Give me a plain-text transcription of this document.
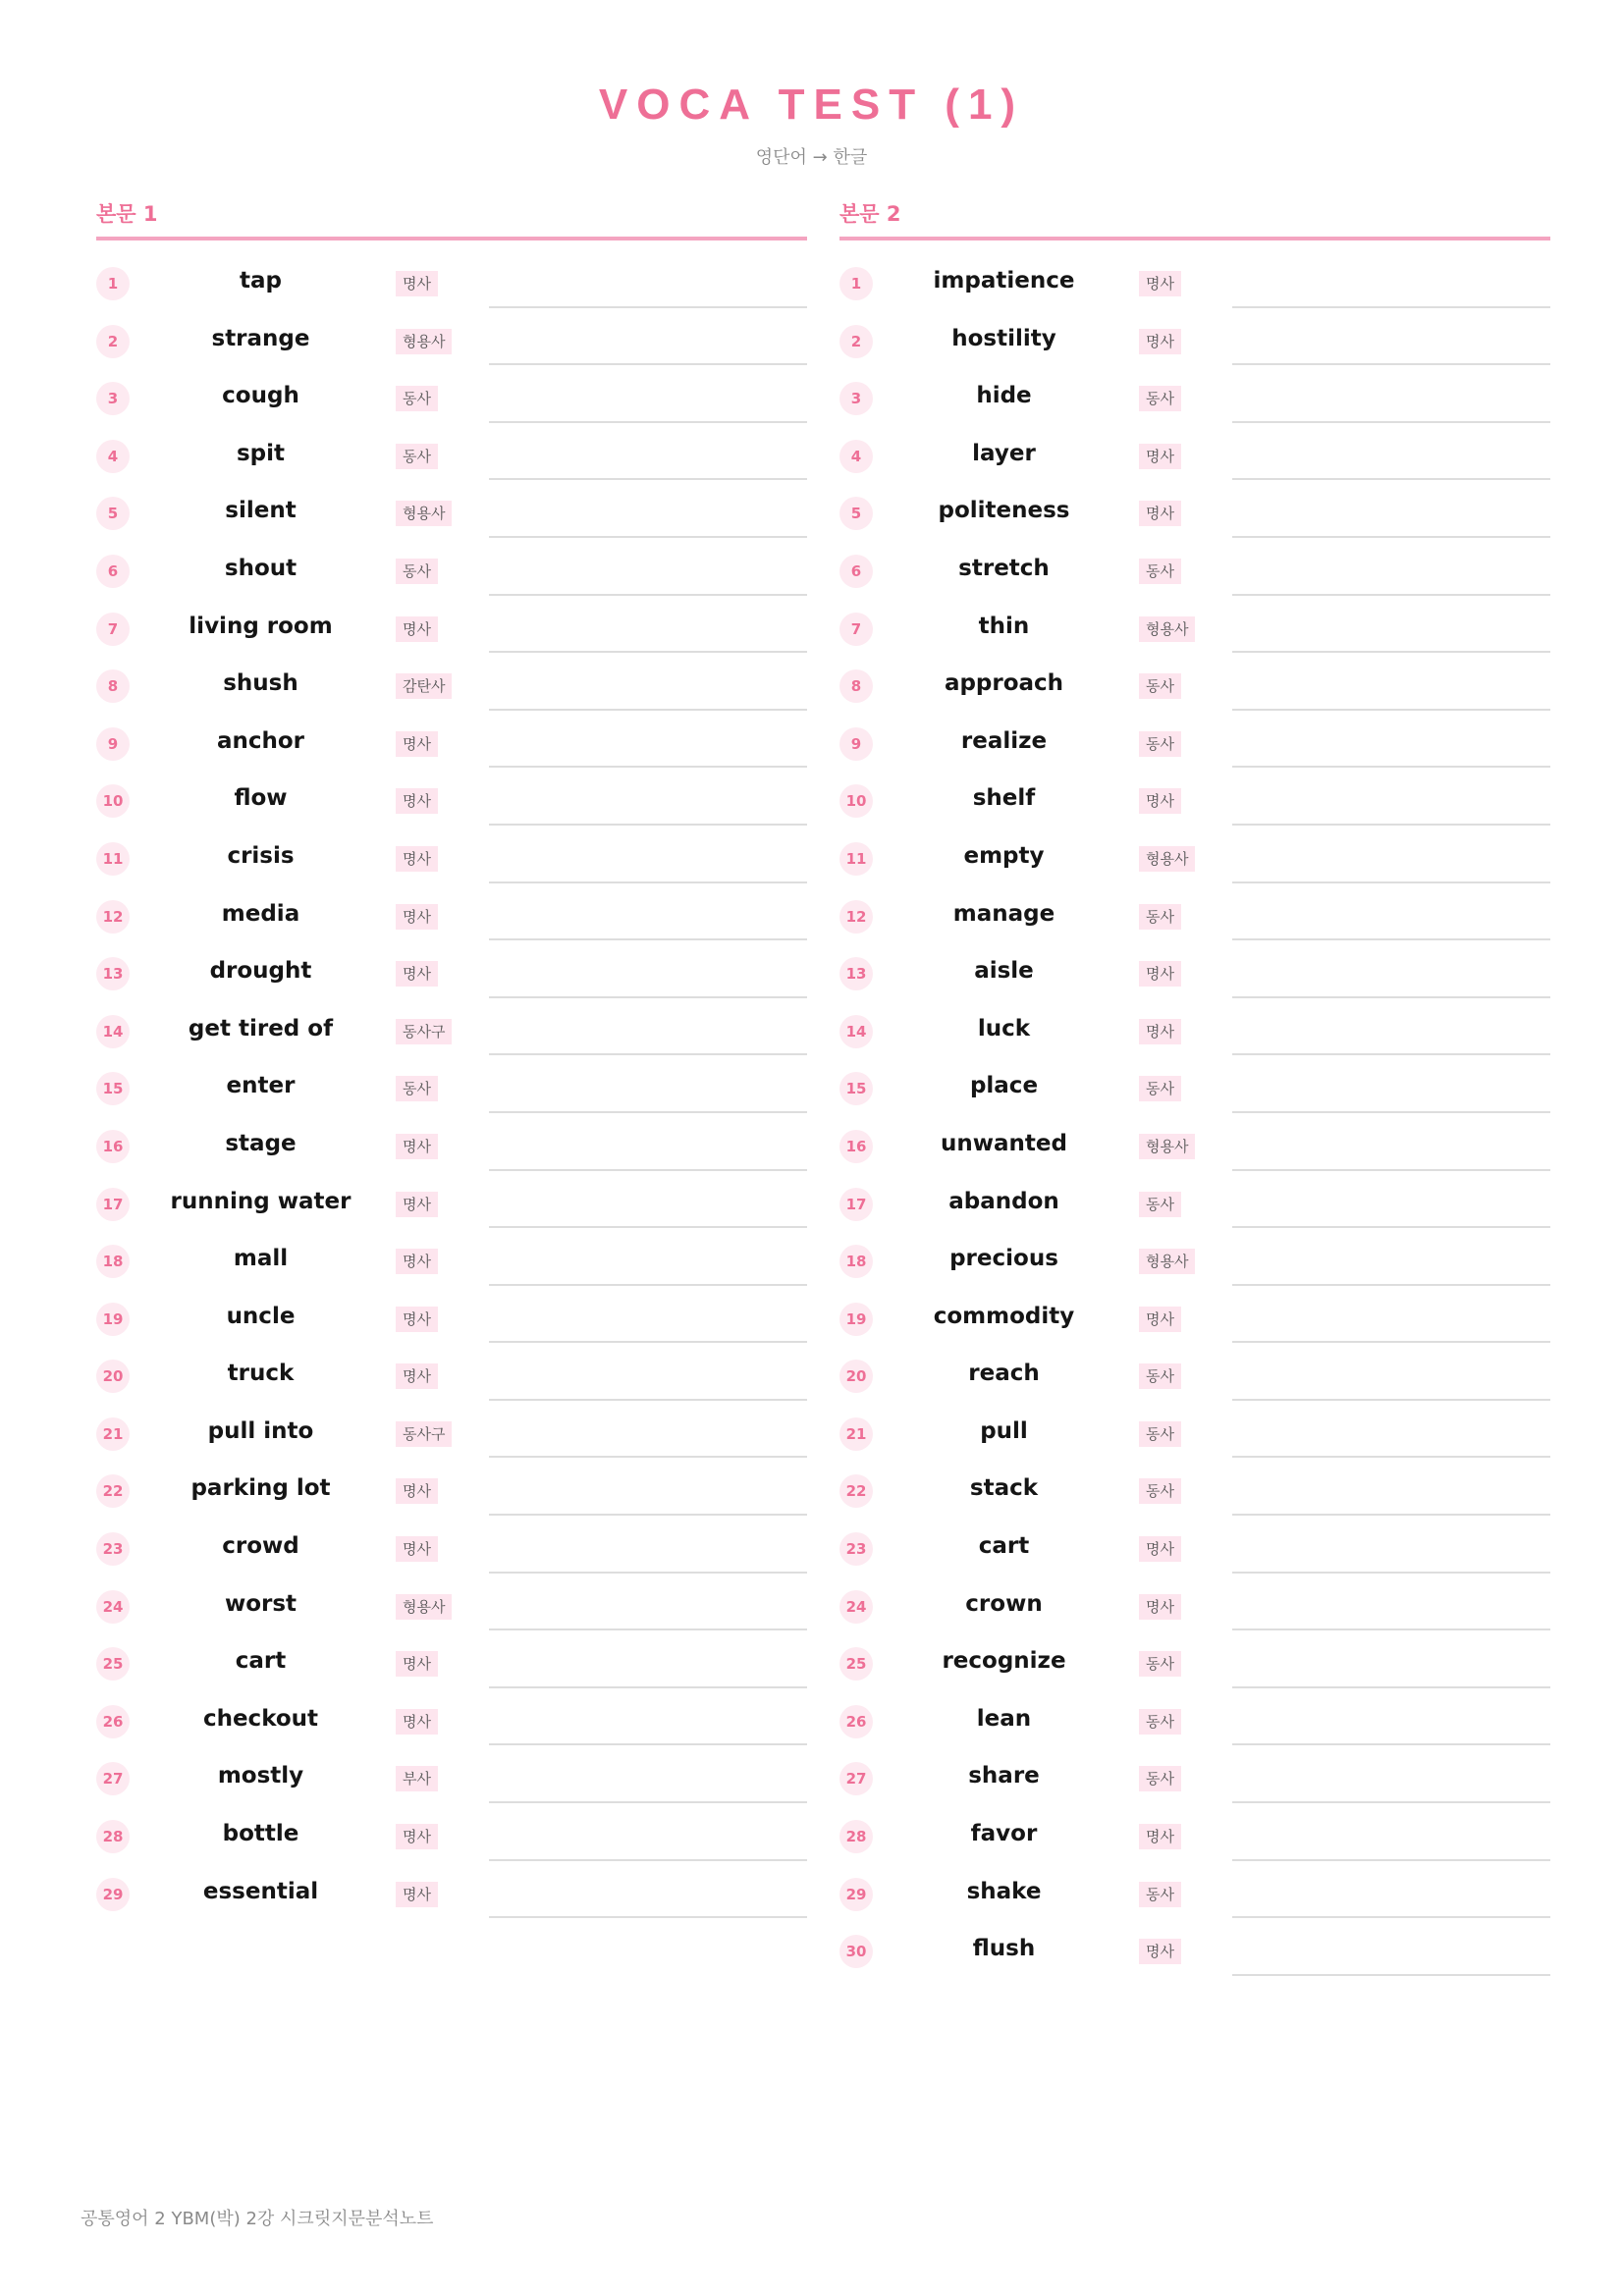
VOCA TEST (1)
영단어 → 한글
본문 1
1	tap	명사
2	strange	형용사
3	cough	동사
4	spit	동사
5	silent	형용사
6	shout	동사
7	living room	명사
8	shush	감탄사
9	anchor	명사
10	flow	명사
11	crisis	명사
12	media	명사
13	drought	명사
14	get tired of	동사구
15	enter	동사
16	stage	명사
17	running water	명사
18	mall	명사
19	uncle	명사
20	truck	명사
21	pull into	동사구
22	parking lot	명사
23	crowd	명사
24	worst	형용사
25	cart	명사
26	checkout	명사
27	mostly	부사
28	bottle	명사
29	essential	명사
본문 2
1	impatience	명사
2	hostility	명사
3	hide	동사
4	layer	명사
5	politeness	명사
6	stretch	동사
7	thin	형용사
8	approach	동사
9	realize	동사
10	shelf	명사
11	empty	형용사
12	manage	동사
13	aisle	명사
14	luck	명사
15	place	동사
16	unwanted	형용사
17	abandon	동사
18	precious	형용사
19	commodity	명사
20	reach	동사
21	pull	동사
22	stack	동사
23	cart	명사
24	crown	명사
25	recognize	동사
26	lean	동사
27	share	동사
28	favor	명사
29	shake	동사
30	flush	명사
공통영어 2 YBM(박) 2강 시크릿지문분석노트
